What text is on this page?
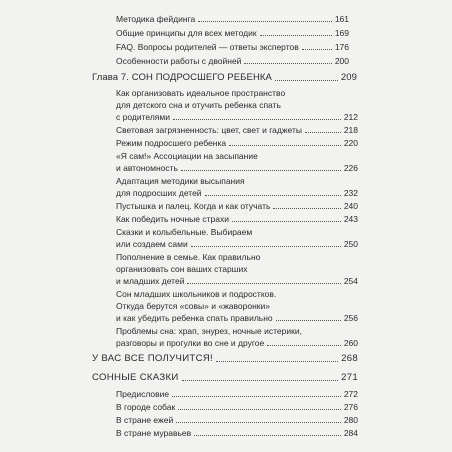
Методика фейдинга	161
Общие принципы для всех методик	169
FAQ. Вопросы родителей — ответы экспертов	176
Особенности работы с двойней	200
Глава 7. СОН ПОДРОСШЕГО РЕБЕНКА	209
Как организовать идеальное пространство
для детского сна и отучить ребенка спать
с родителями	212
Световая загрязненность: цвет, свет и гаджеты	218
Режим подросшего ребенка	220
«Я сам!» Ассоциации на засыпание
и автономность	226
Адаптация методики высыпания
для подросших детей	232
Пустышка и палец. Когда и как отучать	240
Как победить ночные страхи	243
Сказки и колыбельные. Выбираем
или создаем сами	250
Пополнение в семье. Как правильно
организовать сон ваших старших
и младших детей	254
Сон младших школьников и подростков.
Откуда берутся «совы» и «жаворонки»
и как убедить ребенка спать правильно	256
Проблемы сна: храп, энурез, ночные истерики,
разговоры и прогулки во сне и другое	260
У ВАС ВСЕ ПОЛУЧИТСЯ!	268
СОННЫЕ СКАЗКИ	271
Предисловие	272
В городе собак	276
В стране ежей	280
В стране муравьев	284
